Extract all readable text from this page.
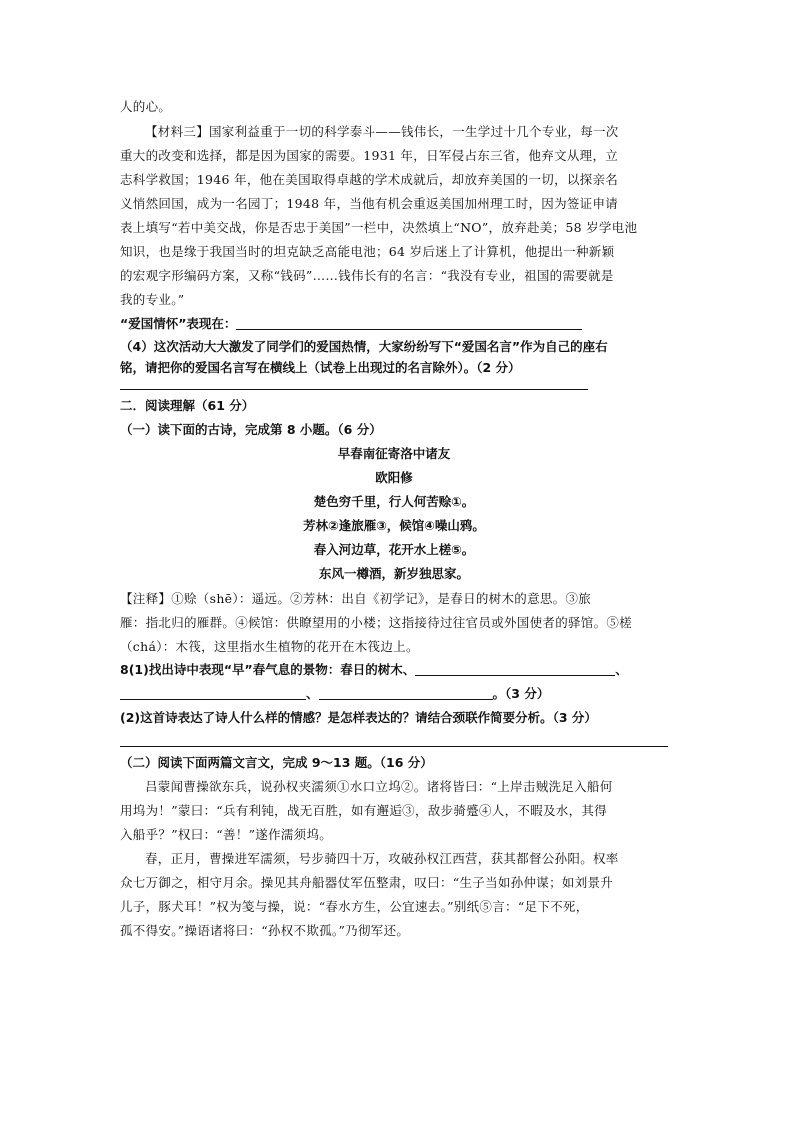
人的心。
【材料三】国家利益重于一切的科学泰斗——钱伟长，一生学过十几个专业，每一次
重大的改变和选择，都是因为国家的需要。1931 年，日军侵占东三省，他弃文从理，立
志科学救国；1946 年，他在美国取得卓越的学术成就后，却放弃美国的一切，以探亲名
义悄然回国，成为一名园丁；1948 年，当他有机会重返美国加州理工时，因为签证申请
表上填写“若中美交战，你是否忠于美国”一栏中，决然填上“NO”，放弃赴美；58 岁学电池
知识，也是缘于我国当时的坦克缺乏高能电池；64 岁后迷上了计算机，他提出一种新颖
的宏观字形编码方案，又称“钱码”……钱伟长有的名言：“我没有专业，祖国的需要就是
我的专业。”
“爱国情怀”表现在：
（4）这次活动大大激发了同学们的爱国热情，大家纷纷写下“爱国名言”作为自己的座右
铭，请把你的爱国名言写在横线上（试卷上出现过的名言除外）。（2 分）
二．阅读理解（61 分）
（一）读下面的古诗，完成第 8 小题。（6 分）
早春南征寄洛中诸友
欧阳修
楚色穷千里，行人何苦赊①。
芳林②逢旅雁③，候馆④噪山鸦。
春入河边草，花开水上槎⑤。
东风一樽酒，新岁独思家。
【注释】①赊（shē）：遥远。②芳林：出自《初学记》，是春日的树木的意思。③旅
雁：指北归的雁群。④候馆：供瞭望用的小楼；这指接待过往官员或外国使者的驿馆。⑤槎
（chá）：木筏，这里指水生植物的花开在木筏边上。
8(1)找出诗中表现“早”春气息的景物：春日的树木、	、
、	。（3 分）
(2)这首诗表达了诗人什么样的情感？是怎样表达的？请结合颈联作简要分析。（3 分）
（二）阅读下面两篇文言文，完成 9～13 题。（16 分）
吕蒙闻曹操欲东兵，说孙权夹濡须①水口立坞②。诸将皆曰：“上岸击贼洗足入船何
用坞为！”蒙曰：“兵有利钝，战无百胜，如有邂逅③，敌步骑蹙④人，不暇及水，其得
入船乎？”权曰：“善！”遂作濡须坞。
春，正月，曹操进军濡须，号步骑四十万，攻破孙权江西营，获其都督公孙阳。权率
众七万御之，相守月余。操见其舟船器仗军伍整肃，叹曰：“生子当如孙仲谋；如刘景升
儿子，豚犬耳！”权为笺与操，说：“春水方生，公宜速去。”别纸⑤言：“足下不死，
孤不得安。”操语诸将曰：“孙权不欺孤。”乃彻军还。
